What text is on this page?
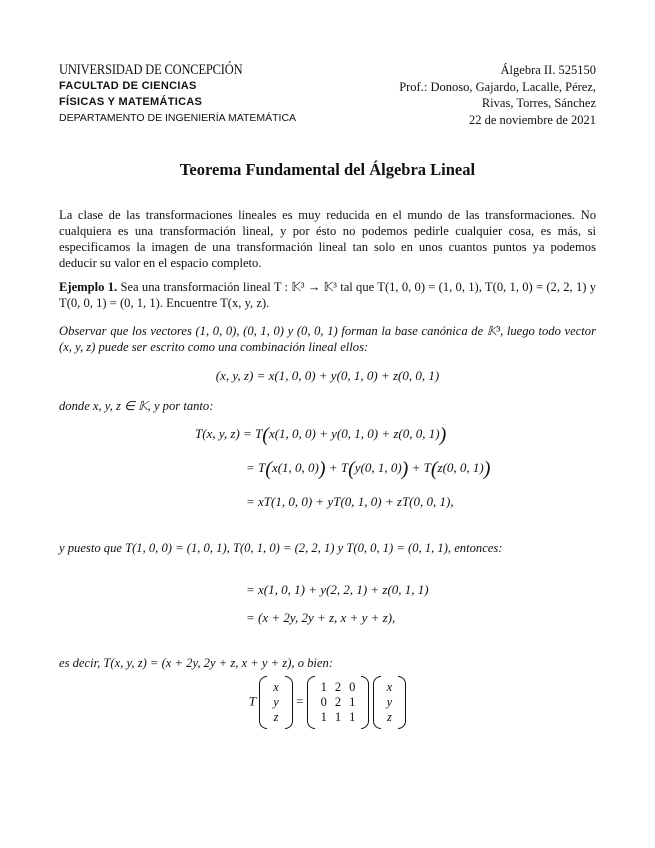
UNIVERSIDAD DE CONCEPCIÓN
FACULTAD DE CIENCIAS
FÍSICAS Y MATEMÁTICAS
DEPARTAMENTO DE INGENIERÍA MATEMÁTICA
Álgebra II. 525150
Prof.: Donoso, Gajardo, Lacalle, Pérez,
Rivas, Torres, Sánchez
22 de noviembre de 2021
Teorema Fundamental del Álgebra Lineal
La clase de las transformaciones lineales es muy reducida en el mundo de las transformaciones. No cualquiera es una transformación lineal, y por ésto no podemos pedirle cualquier cosa, es más, si especificamos la imagen de una transformación lineal tan solo en unos cuantos puntos ya podemos deducir su valor en el espacio completo.
Ejemplo 1. Sea una transformación lineal T : 𝕂³ → 𝕂³ tal que T(1, 0, 0) = (1, 0, 1), T(0, 1, 0) = (2, 2, 1) y T(0, 0, 1) = (0, 1, 1). Encuentre T(x, y, z).
Observar que los vectores (1, 0, 0), (0, 1, 0) y (0, 0, 1) forman la base canónica de 𝕂³, luego todo vector (x, y, z) puede ser escrito como una combinación lineal ellos:
(x, y, z) = x(1, 0, 0) + y(0, 1, 0) + z(0, 0, 1)
donde x, y, z ∈ 𝕂, y por tanto:
T(x, y, z) = T(x(1, 0, 0) + y(0, 1, 0) + z(0, 0, 1))
= T(x(1, 0, 0)) + T(y(0, 1, 0)) + T(z(0, 0, 1))
= xT(1, 0, 0) + yT(0, 1, 0) + zT(0, 0, 1),
y puesto que T(1, 0, 0) = (1, 0, 1), T(0, 1, 0) = (2, 2, 1) y T(0, 0, 1) = (0, 1, 1), entonces:
= x(1, 0, 1) + y(2, 2, 1) + z(0, 1, 1)
= (x + 2y, 2y + z, x + y + z),
es decir, T(x, y, z) = (x + 2y, 2y + z, x + y + z), o bien:
T
x
y
z
=
1	2	0
0	2	1
1	1	1

x
y
z
